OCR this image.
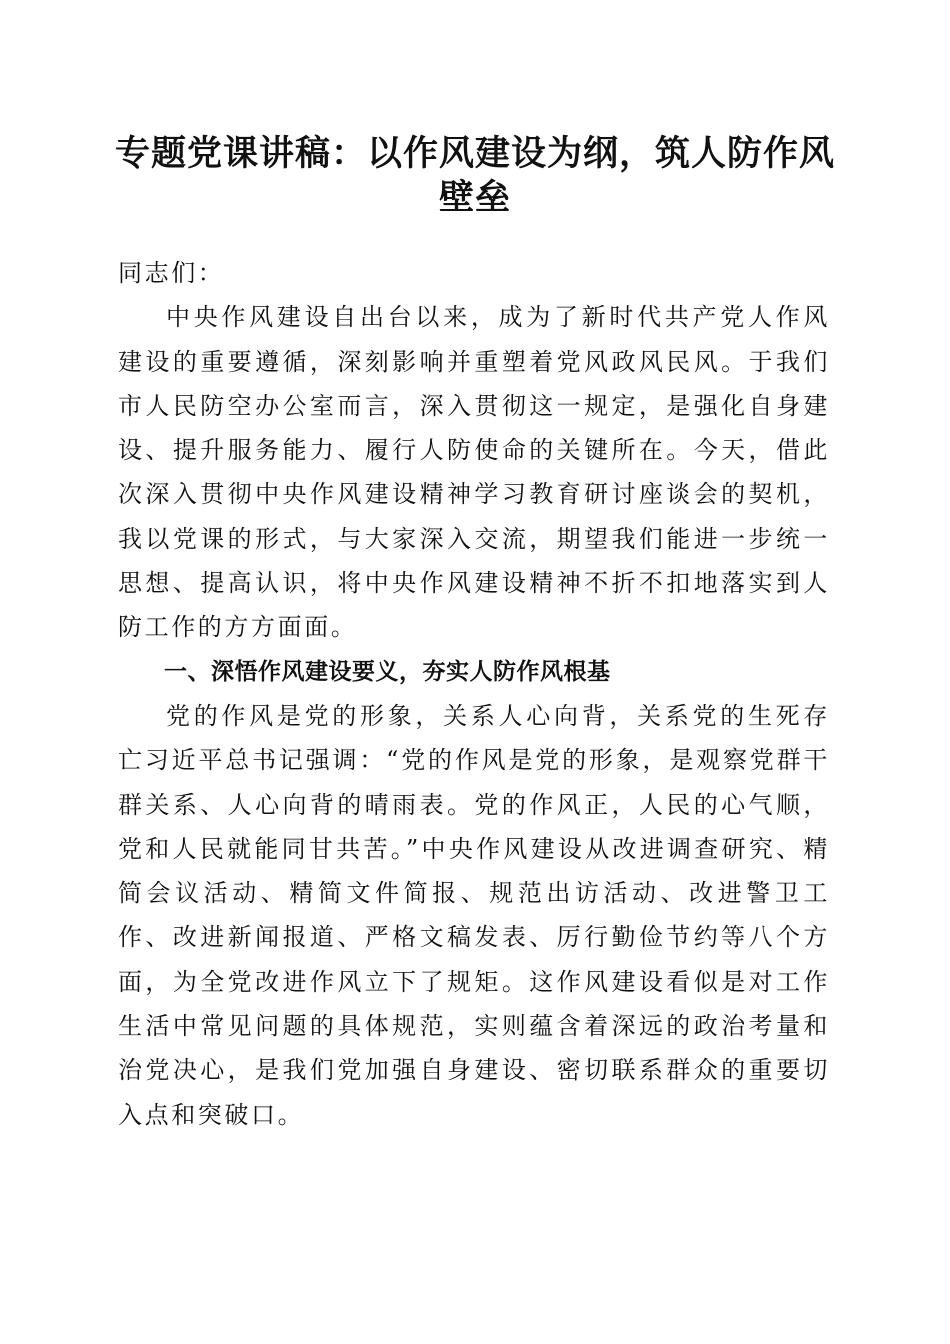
专题党课讲稿：以作风建设为纲，筑人防作风壁垒

同志们：

中央作风建设自出台以来，成为了新时代共产党人作风建设的重要遵循，深刻影响并重塑着党风政风民风。于我们市人民防空办公室而言，深入贯彻这一规定，是强化自身建设、提升服务能力、履行人防使命的关键所在。今天，借此次深入贯彻中央作风建设精神学习教育研讨座谈会的契机，我以党课的形式，与大家深入交流，期望我们能进一步统一思想、提高认识，将中央作风建设精神不折不扣地落实到人防工作的方方面面。

一、深悟作风建设要义，夯实人防作风根基

党的作风是党的形象，关系人心向背，关系党的生死存亡习近平总书记强调：“党的作风是党的形象，是观察党群干群关系、人心向背的晴雨表。党的作风正，人民的心气顺，党和人民就能同甘共苦。”中央作风建设从改进调查研究、精简会议活动、精简文件简报、规范出访活动、改进警卫工作、改进新闻报道、严格文稿发表、厉行勤俭节约等八个方面，为全党改进作风立下了规矩。这作风建设看似是对工作生活中常见问题的具体规范，实则蕴含着深远的政治考量和治党决心，是我们党加强自身建设、密切联系群众的重要切入点和突破口。
